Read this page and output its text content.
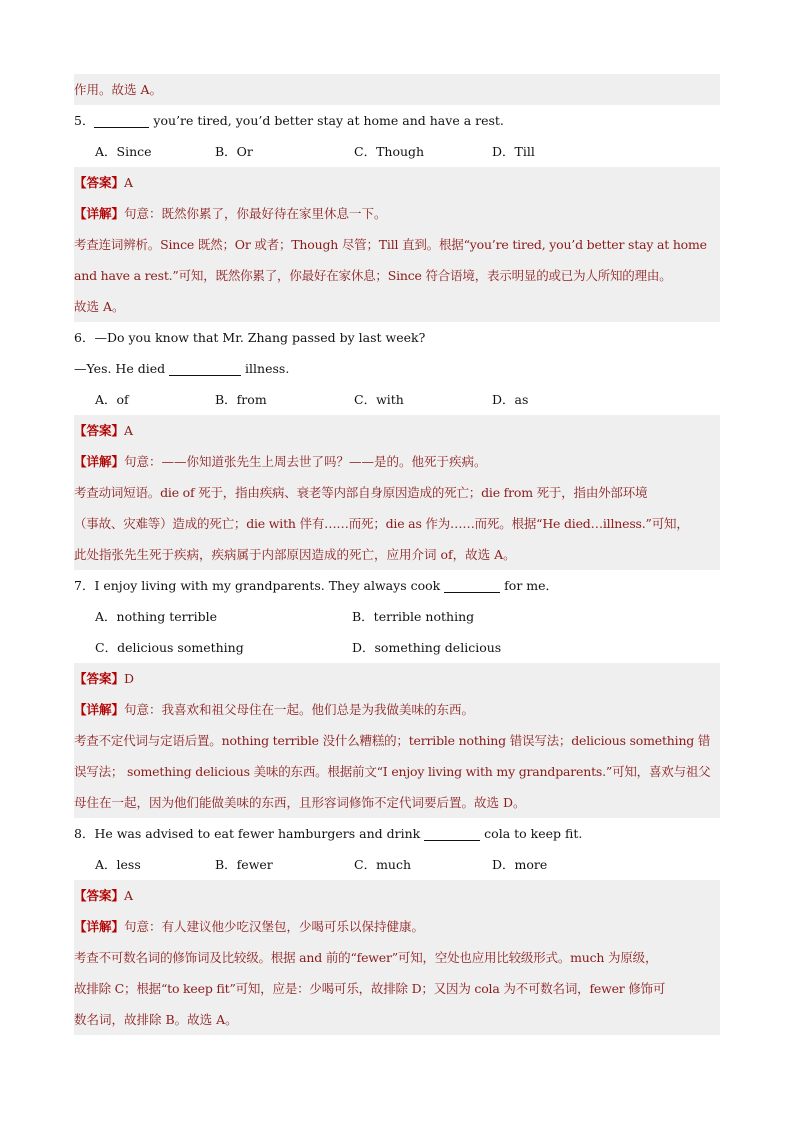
作用。故选 A。
5．	you’re tired, you’d better stay at home and have a rest.
A．Since	B．Or	C．Though	D．Till
【答案】A
【详解】句意：既然你累了，你最好待在家里休息一下。
考查连词辨析。Since 既然；Or 或者；Though 尽管；Till 直到。根据“you’re tired, you’d better stay at home
and have a rest.”可知，既然你累了，你最好在家休息；Since 符合语境，表示明显的或已为人所知的理由。
故选 A。
6．—Do you know that Mr. Zhang passed by last week?
—Yes. He died	illness.
A．of	B．from	C．with	D．as
【答案】A
【详解】句意：——你知道张先生上周去世了吗？——是的。他死于疾病。
考查动词短语。die of 死于，指由疾病、衰老等内部自身原因造成的死亡；die from 死于，指由外部环境
（事故、灾难等）造成的死亡；die with 伴有……而死；die as 作为……而死。根据“He died…illness.”可知，
此处指张先生死于疾病，疾病属于内部原因造成的死亡，应用介词 of，故选 A。
7．I enjoy living with my grandparents. They always cook	for me．
A．nothing terrible	B．terrible nothing
C．delicious something	D．something delicious
【答案】D
【详解】句意：我喜欢和祖父母住在一起。他们总是为我做美味的东西。
考查不定代词与定语后置。nothing terrible 没什么糟糕的；terrible nothing 错误写法；delicious something 错
误写法； something delicious 美味的东西。根据前文“I enjoy living with my grandparents.”可知，喜欢与祖父
母住在一起，因为他们能做美味的东西，且形容词修饰不定代词要后置。故选 D。
8．He was advised to eat fewer hamburgers and drink	cola to keep fit.
A．less	B．fewer	C．much	D．more
【答案】A
【详解】句意：有人建议他少吃汉堡包，少喝可乐以保持健康。
考查不可数名词的修饰词及比较级。根据 and 前的“fewer”可知，空处也应用比较级形式。much 为原级，
故排除 C；根据“to keep fit”可知，应是：少喝可乐，故排除 D；又因为 cola 为不可数名词，fewer 修饰可
数名词，故排除 B。故选 A。
